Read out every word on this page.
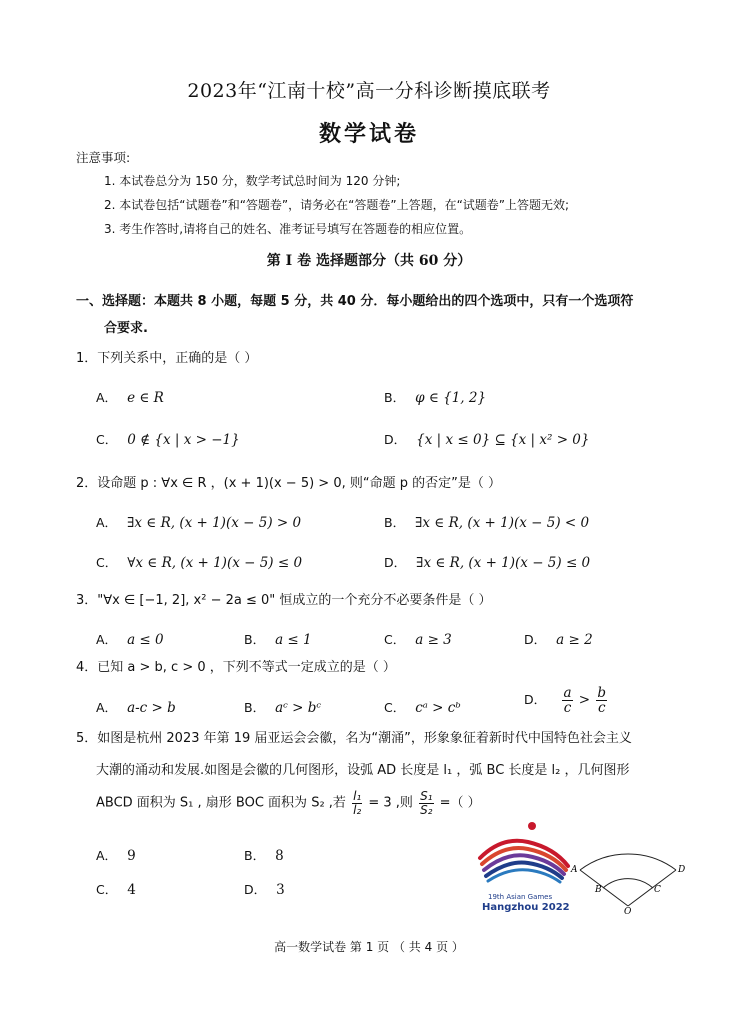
2023年“江南十校”高一分科诊断摸底联考
数学试卷
注意事项:
1. 本试卷总分为 150 分，数学考试总时间为 120 分钟;
2. 本试卷包括“试题卷”和“答题卷”，请务必在“答题卷”上答题，在“试题卷”上答题无效;
3. 考生作答时,请将自己的姓名、准考证号填写在答题卷的相应位置。
第 I 卷 选择题部分（共 60 分）
一、选择题：本题共 8 小题，每题 5 分，共 40 分．每小题给出的四个选项中，只有一个选项符
合要求.
1．下列关系中，正确的是（ ）
A． e ∈ R	B． φ ∈ {1, 2}
C． 0 ∉ {x | x > −1}	D． {x | x ≤ 0} ⊆ {x | x² > 0}
2．设命题 p : ∀x ∈ R ，(x + 1)(x − 5) > 0, 则“命题 p 的否定”是（ ）
A． ∃x ∈ R, (x + 1)(x − 5) > 0	B． ∃x ∈ R, (x + 1)(x − 5) < 0
C． ∀x ∈ R, (x + 1)(x − 5) ≤ 0	D． ∃x ∈ R, (x + 1)(x − 5) ≤ 0
3．"∀x ∈ [−1, 2], x² − 2a ≤ 0" 恒成立的一个充分不必要条件是（ ）
A． a ≤ 0	B． a ≤ 1	C． a ≥ 3	D． a ≥ 2
4．已知 a > b, c > 0 ，下列不等式一定成立的是（ ）
A． a-c > b	B． aᶜ > bᶜ	C． cᵃ > cᵇ
D． $\frac{a}{c} > \frac{b}{c}$
5．如图是杭州 2023 年第 19 届亚运会会徽，名为“潮涌”，形象象征着新时代中国特色社会主义
大潮的涌动和发展.如图是会徽的几何图形，设弧 AD 长度是 l₁ ，弧 BC 长度是 l₂ ，几何图形
ABCD 面积为 S₁ , 扇形 BOC 面积为 S₂ ,若 $\frac{\text{l₁}}{\text{l₂}} = 3$ ,则 $\frac{\text{S₁}}{\text{S₂}}$ =（ ）
A． 9	B． 8
C． 4	D． 3	19th Asian Games
Hangzhou 2022
A	D
B	C
O
高一数学试卷 第 1 页 （ 共 4 页 ）
